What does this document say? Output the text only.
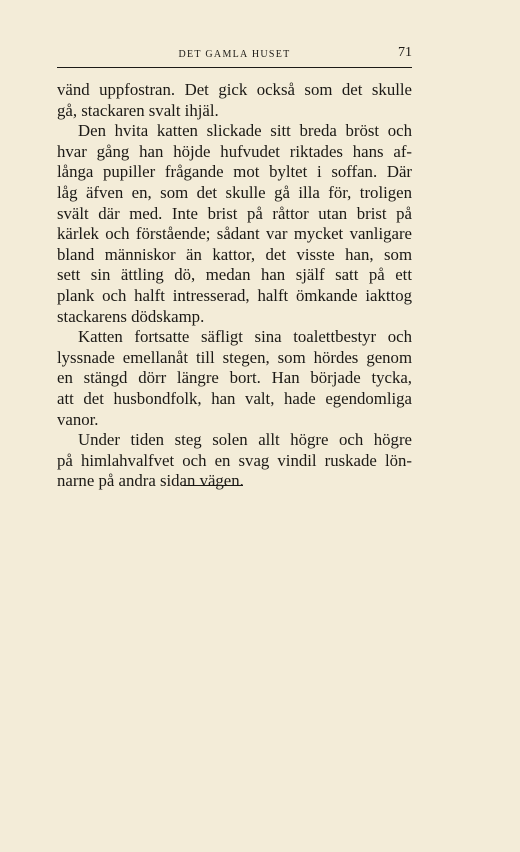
DET GAMLA HUSET	71
vänd uppfostran. Det gick också som det skulle
gå, stackaren svalt ihjäl.
Den hvita katten slickade sitt breda bröst och
hvar gång han höjde hufvudet riktades hans af-
långa pupiller frågande mot byltet i soffan. Där
låg äfven en, som det skulle gå illa för, troligen
svält där med. Inte brist på råttor utan brist på
kärlek och förstående; sådant var mycket vanligare
bland människor än kattor, det visste han, som
sett sin ättling dö, medan han själf satt på ett
plank och halft intresserad, halft ömkande iakttog
stackarens dödskamp.
Katten fortsatte säfligt sina toalettbestyr och
lyssnade emellanåt till stegen, som hördes genom
en stängd dörr längre bort. Han började tycka,
att det husbondfolk, han valt, hade egendomliga
vanor.
Under tiden steg solen allt högre och högre
på himlahvalfvet och en svag vindil ruskade lön-
narne på andra sidan vägen.
